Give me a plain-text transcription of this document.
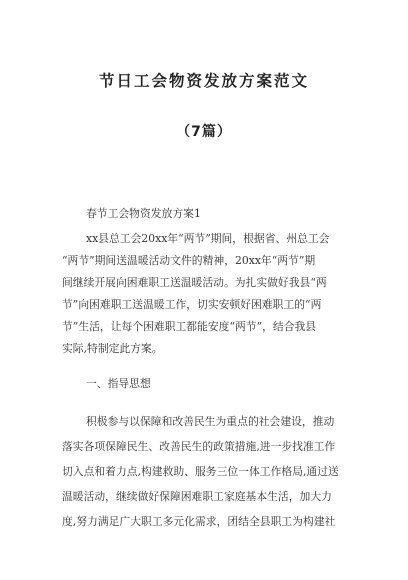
节日工会物资发放方案范文
（7篇）
春节工会物资发放方案1
xx县总工会20xx年“两节”期间，根据省、州总工会
“两节”期间送温暖活动文件的精神，20xx年“两节”期
间继续开展向困难职工送温暖活动。为扎实做好我县“两
节”向困难职工送温暖工作，切实安顿好困难职工的“两
节”生活，让每个困难职工都能安度“两节”，结合我县
实际,特制定此方案。
一、指导思想
积极参与以保障和改善民生为重点的社会建设，推动
落实各项保障民生、改善民生的政策措施,进一步找准工作
切入点和着力点,构建救助、服务三位一体工作格局,通过送
温暖活动，继续做好保障困难职工家庭基本生活，加大力
度,努力满足广大职工多元化需求，团结全县职工为构建社
